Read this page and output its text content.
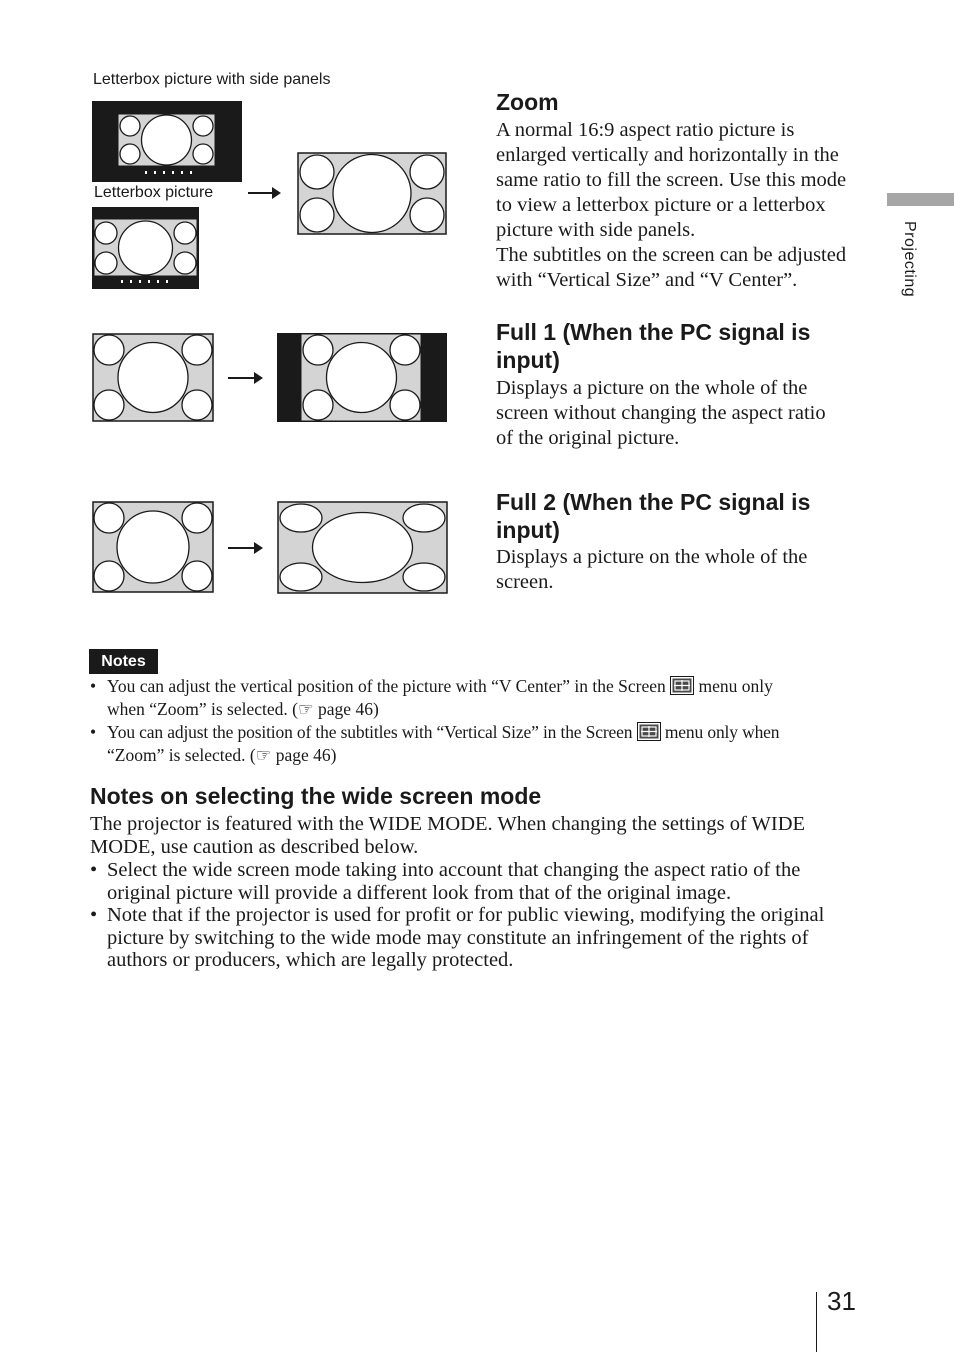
Projecting
Letterbox picture with side panels
Letterbox picture
Zoom
A normal 16:9 aspect ratio picture is
enlarged vertically and horizontally in the
same ratio to fill the screen. Use this mode
to view a letterbox picture or a letterbox
picture with side panels.
The subtitles on the screen can be adjusted
with “Vertical Size” and “V Center”.
Full 1 (When the PC signal is
input)
Displays a picture on the whole of the
screen without changing the aspect ratio
of the original picture.
Full 2 (When the PC signal is
input)
Displays a picture on the whole of the
screen.
Notes
• You can adjust the vertical position of the picture with “V Center” in the Screen menu only
when “Zoom” is selected. (☞ page 46)
• You can adjust the position of the subtitles with “Vertical Size” in the Screen menu only when
“Zoom” is selected. (☞ page 46)
Notes on selecting the wide screen mode
The projector is featured with the WIDE MODE. When changing the settings of WIDE
MODE, use caution as described below.
• Select the wide screen mode taking into account that changing the aspect ratio of the
original picture will provide a different look from that of the original image.
• Note that if the projector is used for profit or for public viewing, modifying the original
picture by switching to the wide mode may constitute an infringement of the rights of
authors or producers, which are legally protected.
31
